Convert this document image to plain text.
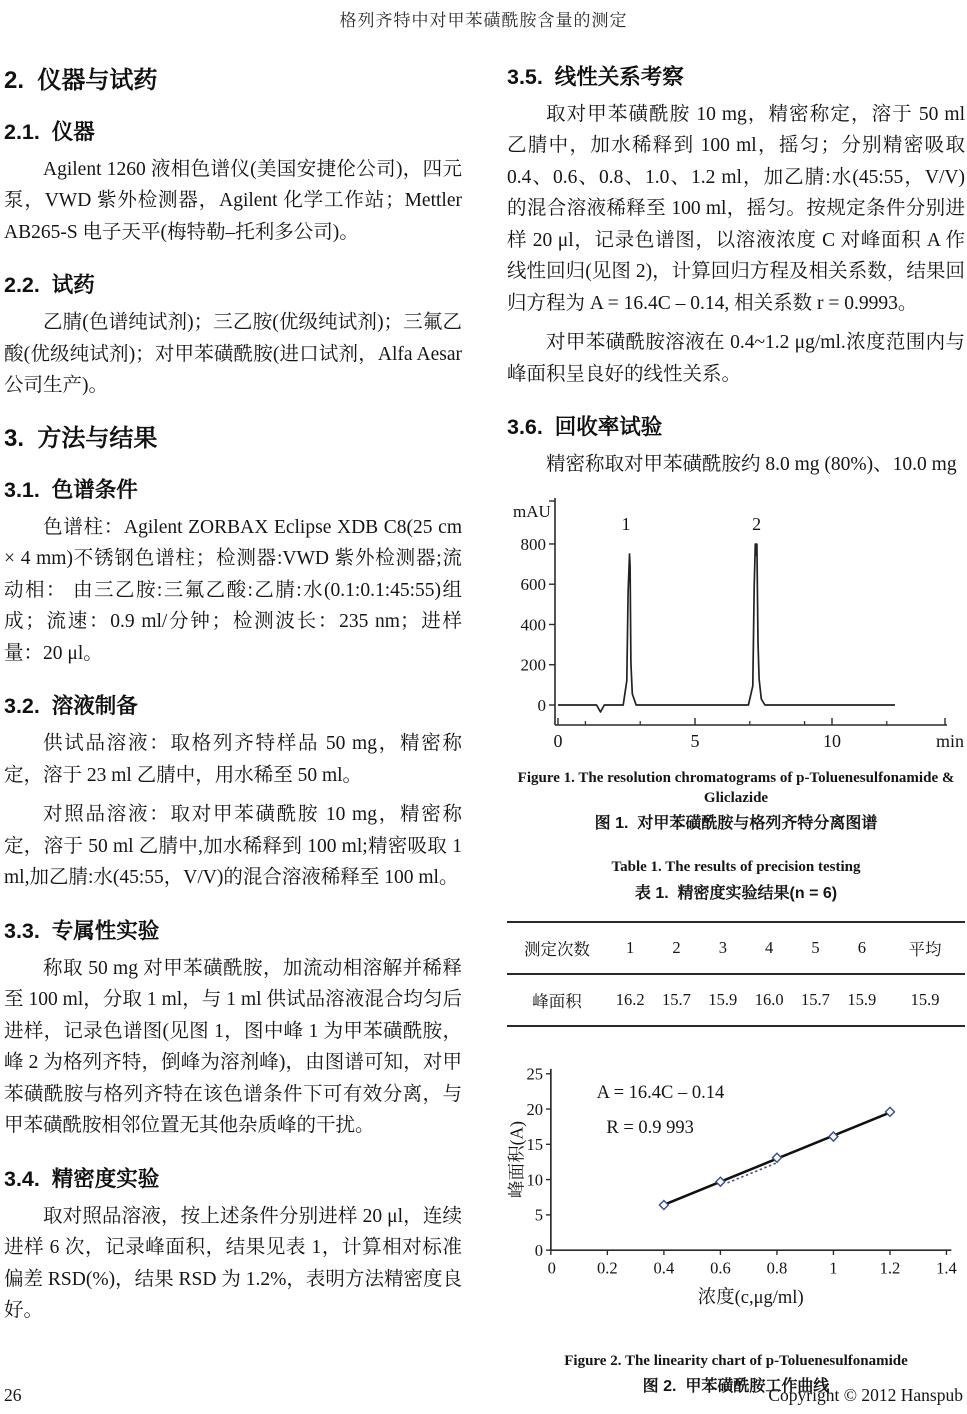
格列齐特中对甲苯磺酰胺含量的测定
2.  仪器与试药
2.1.  仪器

Agilent 1260 液相色谱仪(美国安捷伦公司)，四元泵，VWD 紫外检测器，Agilent 化学工作站；Mettler AB265-S 电子天平(梅特勒–托利多公司)。

2.2.  试药

乙腈(色谱纯试剂)；三乙胺(优级纯试剂)；三氟乙酸(优级纯试剂)；对甲苯磺酰胺(进口试剂，Alfa Aesar 公司生产)。

3.  方法与结果
3.1.  色谱条件

色谱柱：Agilent ZORBAX Eclipse XDB C8(25 cm × 4 mm)不锈钢色谱柱；检测器:VWD 紫外检测器;流动相： 由三乙胺:三氟乙酸:乙腈:水(0.1:0.1:45:55)组成；流速：0.9 ml/分钟；检测波长：235 nm；进样量：20 μl。

3.2.  溶液制备

供试品溶液：取格列齐特样品 50 mg，精密称定，溶于 23 ml 乙腈中，用水稀至 50 ml。

对照品溶液：取对甲苯磺酰胺 10 mg，精密称定，溶于 50 ml 乙腈中,加水稀释到 100 ml;精密吸取 1 ml,加乙腈:水(45:55，V/V)的混合溶液稀释至 100 ml。

3.3.  专属性实验

称取 50 mg 对甲苯磺酰胺，加流动相溶解并稀释至 100 ml，分取 1 ml，与 1 ml 供试品溶液混合均匀后进样，记录色谱图(见图 1，图中峰 1 为甲苯磺酰胺，峰 2 为格列齐特，倒峰为溶剂峰)，由图谱可知，对甲苯磺酰胺与格列齐特在该色谱条件下可有效分离，与甲苯磺酰胺相邻位置无其他杂质峰的干扰。

3.4.  精密度实验

取对照品溶液，按上述条件分别进样 20 μl，连续进样 6 次，记录峰面积，结果见表 1，计算相对标准偏差 RSD(%)，结果 RSD 为 1.2%，表明方法精密度良好。

3.5.  线性关系考察

取对甲苯磺酰胺 10 mg，精密称定，溶于 50 ml 乙腈中，加水稀释到 100 ml，摇匀；分别精密吸取 0.4、0.6、0.8、1.0、1.2 ml，加乙腈:水(45:55，V/V)的混合溶液稀释至 100 ml，摇匀。按规定条件分别进样 20 μl，记录色谱图，以溶液浓度 C 对峰面积 A 作线性回归(见图 2)，计算回归方程及相关系数，结果回归方程为 A = 16.4C – 0.14, 相关系数 r = 0.9993。

对甲苯磺酰胺溶液在 0.4~1.2 μg/ml.浓度范围内与峰面积呈良好的线性关系。

3.6.  回收率试验

精密称取对甲苯磺酰胺约 8.0 mg (80%)、10.0 mg

0
200
400
600
800
mAU
0	5	10	min
1	2
Figure 1. The resolution chromatograms of p-Toluenesulfonamide & Gliclazide
图 1.  对甲苯磺酰胺与格列齐特分离图谱
Table 1. The results of precision testing
表 1.  精密度实验结果(n = 6)
测定次数	1	2	3	4	5	6	平均
峰面积	16.2	15.7	15.9	16.0	15.7	15.9	15.9
0
5
10
15
20
25
0.2 0.4 0.6 0.8 1 1.2 1.4
0
浓度(c,μg/ml)
峰面积(A)
A = 16.4C – 0.14
R = 0.9 993
Figure 2. The linearity chart of p-Toluenesulfonamide
图 2.  甲苯磺酰胺工作曲线
26	Copyright © 2012 Hanspub
